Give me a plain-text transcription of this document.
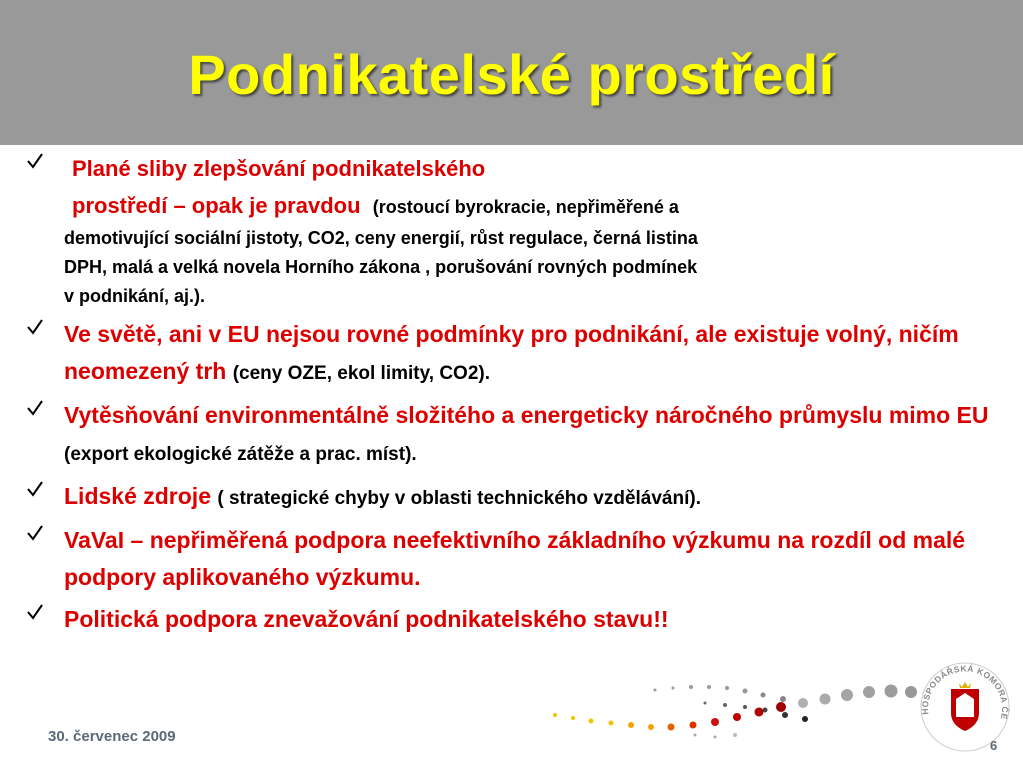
Podnikatelské prostředí
Plané sliby zlepšování podnikatelského
prostředí – opak je pravdou (rostoucí byrokracie, nepřiměřené a
demotivující sociální jistoty, CO2, ceny energií, růst regulace, černá listina
DPH, malá a velká novela Horního zákona , porušování rovných podmínek
v podnikání, aj.).
Ve světě, ani v EU nejsou rovné podmínky pro podnikání, ale existuje volný, ničím neomezený trh (ceny OZE, ekol limity, CO2).
Vytěsňování environmentálně složitého a energeticky náročného průmyslu mimo EU (export ekologické zátěže a prac. míst).
Lidské zdroje ( strategické chyby v oblasti technického vzdělávání).
VaVaI – nepřiměřená podpora neefektivního základního výzkumu na rozdíl od malé podpory aplikovaného výzkumu.
Politická podpora znevažování podnikatelského stavu!!
HOSPODÁŘSKÁ KOMORA ČE
30. červenec 2009
6
